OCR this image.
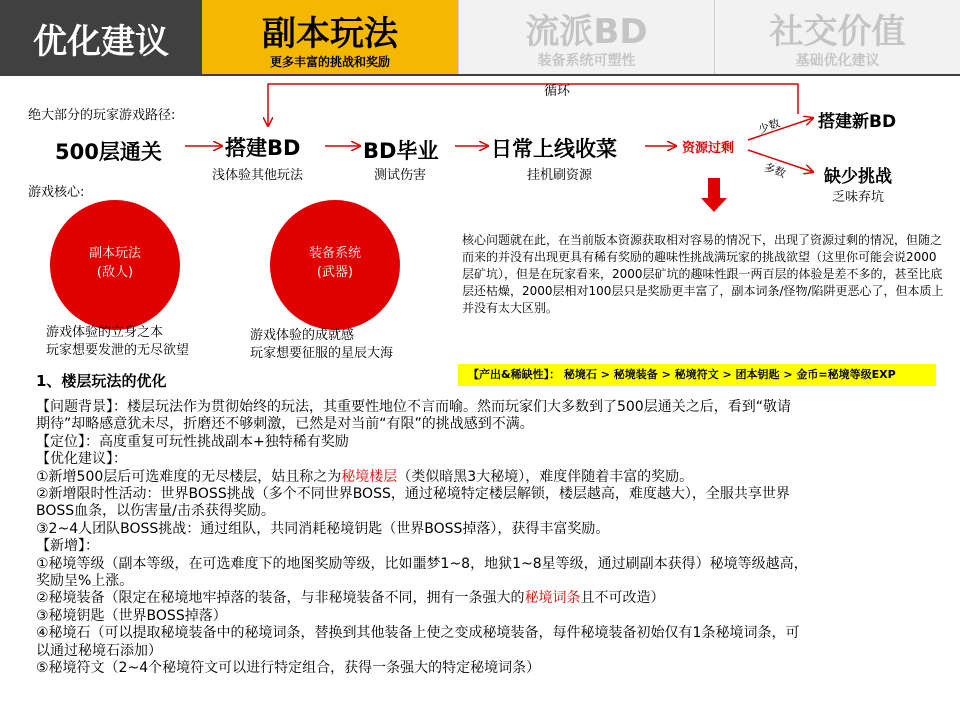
优化建议	副本玩法
更多丰富的挑战和奖励
流派BD
装备系统可塑性
社交价值
基础优化建议
循环
绝大部分的玩家游戏路径:
500层通关	搭建BD
浅体验其他玩法
BD毕业
测试伤害
日常上线收菜
挂机刷资源
资源过剩
少数
多数
搭建新BD
缺少挑战
乏味弃坑
游戏核心:
副本玩法
(敌人)
装备系统
(武器)
游戏体验的立身之本
玩家想要发泄的无尽欲望
游戏体验的成就感
玩家想要征服的星辰大海
核心问题就在此，在当前版本资源获取相对容易的情况下，出现了资源过剩的情况，但随之而来的并没有出现更具有稀有奖励的趣味性挑战满玩家的挑战欲望（这里你可能会说2000层矿坑），但是在玩家看来，2000层矿坑的趣味性跟一两百层的体验是差不多的，甚至比底层还枯燥，2000层相对100层只是奖励更丰富了，副本词条/怪物/陷阱更恶心了，但本质上并没有太大区别。
【产出&稀缺性】： 秘境石 > 秘境装备 > 秘境符文 > 团本钥匙 > 金币=秘境等级EXP
1、楼层玩法的优化
【问题背景】：楼层玩法作为贯彻始终的玩法，其重要性地位不言而喻。然而玩家们大多数到了500层通关之后，看到“敬请
期待”却略感意犹未尽，折磨还不够刺激，已然是对当前“有限”的挑战感到不满。
【定位】：高度重复可玩性挑战副本+独特稀有奖励
【优化建议】：
①新增500层后可选难度的无尽楼层，姑且称之为秘境楼层（类似暗黑3大秘境），难度伴随着丰富的奖励。
②新增限时性活动：世界BOSS挑战（多个不同世界BOSS，通过秘境特定楼层解锁，楼层越高，难度越大），全服共享世界
BOSS血条，以伤害量/击杀获得奖励。
③2~4人团队BOSS挑战：通过组队，共同消耗秘境钥匙（世界BOSS掉落），获得丰富奖励。
【新增】：
①秘境等级（副本等级，在可选难度下的地图奖励等级，比如噩梦1~8，地狱1~8星等级，通过刷副本获得）秘境等级越高，
奖励呈%上涨。
②秘境装备（限定在秘境地牢掉落的装备，与非秘境装备不同，拥有一条强大的秘境词条且不可改造）
③秘境钥匙（世界BOSS掉落）
④秘境石（可以提取秘境装备中的秘境词条，替换到其他装备上使之变成秘境装备，每件秘境装备初始仅有1条秘境词条，可
以通过秘境石添加）
⑤秘境符文（2~4个秘境符文可以进行特定组合，获得一条强大的特定秘境词条）
